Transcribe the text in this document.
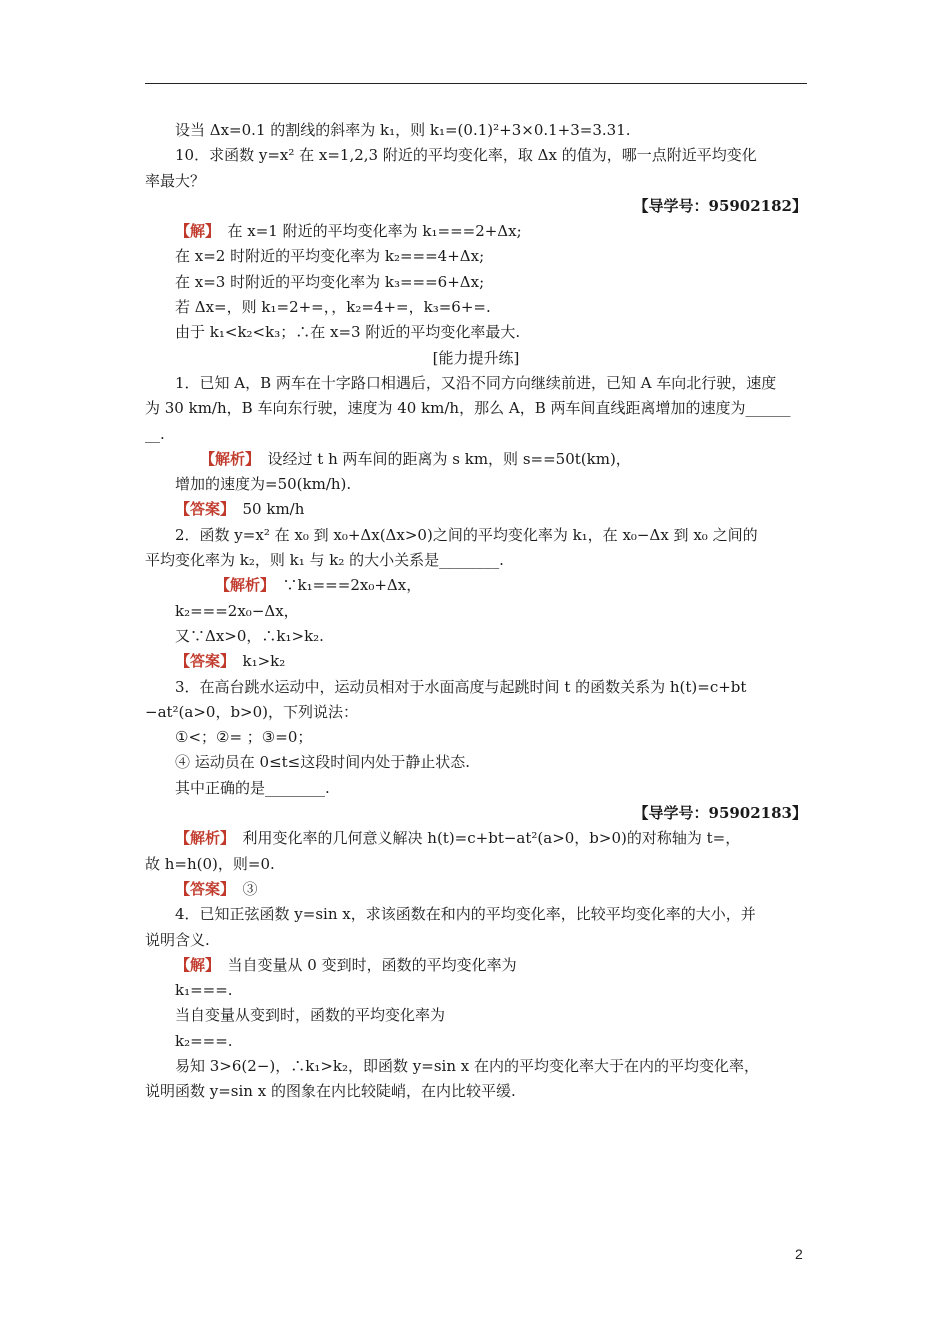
设当 Δx=0.1 的割线的斜率为 k₁，则 k₁=(0.1)²+3×0.1+3=3.31.
10．求函数 y=x² 在 x=1,2,3 附近的平均变化率，取 Δx 的值为，哪一点附近平均变化
率最大？
【导学号：95902182】
【解】　在 x=1 附近的平均变化率为 k₁===2+Δx;
在 x=2 时附近的平均变化率为 k₂===4+Δx;
在 x=3 时附近的平均变化率为 k₃===6+Δx;
若 Δx=，则 k₁=2+=，，k₂=4+=，k₃=6+=.
由于 k₁<k₂<k₃；∴在 x=3 附近的平均变化率最大.
[能力提升练]
1．已知 A，B 两车在十字路口相遇后，又沿不同方向继续前进，已知 A 车向北行驶，速度
为 30 km/h，B 车向东行驶，速度为 40 km/h，那么 A，B 两车间直线距离增加的速度为______
__.
【解析】　设经过 t h 两车间的距离为 s km，则 s==50t(km)，
增加的速度为=50(km/h).
【答案】　50 km/h
2．函数 y=x² 在 x₀ 到 x₀+Δx(Δx>0)之间的平均变化率为 k₁，在 x₀−Δx 到 x₀ 之间的
平均变化率为 k₂，则 k₁ 与 k₂ 的大小关系是________.
【解析】　∵k₁===2x₀+Δx，
k₂===2x₀−Δx，
又∵Δx>0，∴k₁>k₂.
【答案】　k₁>k₂
3．在高台跳水运动中，运动员相对于水面高度与起跳时间 t 的函数关系为 h(t)=c+bt
−at²(a>0，b>0)，下列说法：
①<；②= ；③=0；
④ 运动员在 0≤t≤这段时间内处于静止状态.
其中正确的是________.
【导学号：95902183】
【解析】　利用变化率的几何意义解决 h(t)=c+bt−at²(a>0，b>0)的对称轴为 t=，
故 h=h(0)，则=0.
【答案】　③
4．已知正弦函数 y=sin x，求该函数在和内的平均变化率，比较平均变化率的大小，并
说明含义.
【解】　当自变量从 0 变到时，函数的平均变化率为
k₁===.
当自变量从变到时，函数的平均变化率为
k₂===.
易知 3>6(2−)，∴k₁>k₂，即函数 y=sin x 在内的平均变化率大于在内的平均变化率，
说明函数 y=sin x 的图象在内比较陡峭，在内比较平缓.
2
